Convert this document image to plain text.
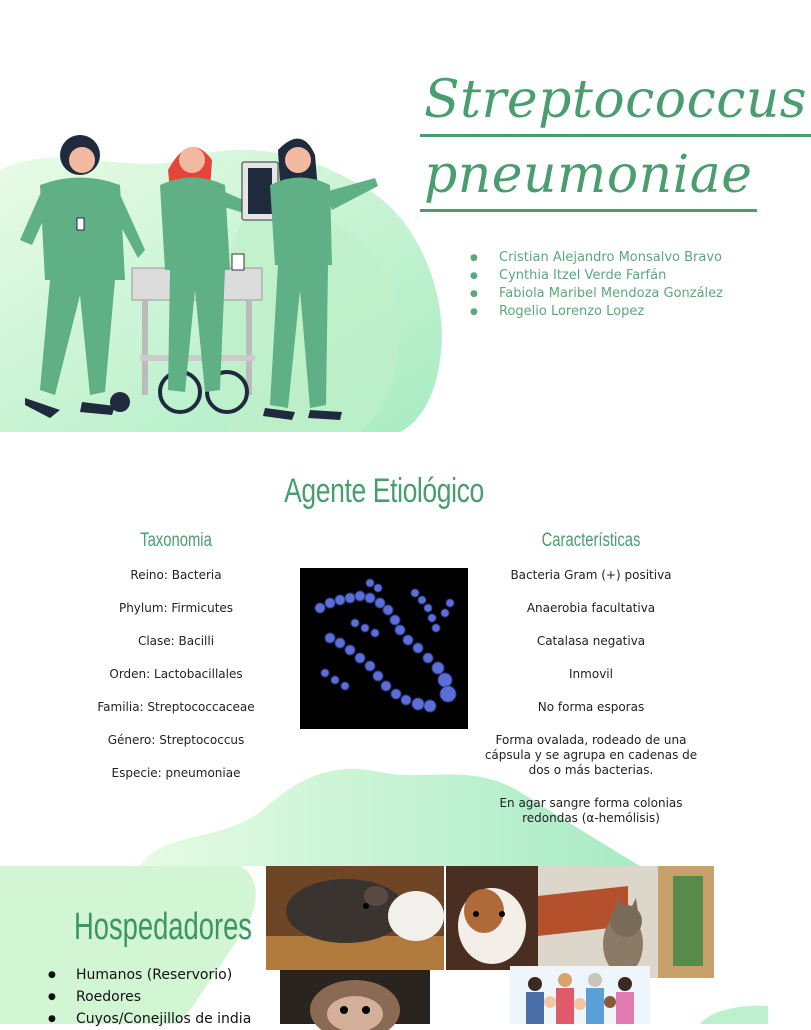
Streptococcus
pneumoniae
● Cristian Alejandro Monsalvo Bravo
● Cynthia Itzel Verde Farfán
● Fabiola Maribel Mendoza González
● Rogelio Lorenzo Lopez
Agente Etiológico
Taxonomia	Características
Reino: Bacteria
Phylum: Firmicutes
Clase: Bacilli
Orden: Lactobacillales
Familia: Streptococcaceae
Género: Streptococcus
Especie: pneumoniae
Bacteria Gram (+) positiva
Anaerobia facultativa
Catalasa negativa
Inmovil
No forma esporas
Forma ovalada, rodeado de una cápsula y se agrupa en cadenas de dos o más bacterias.
En agar sangre forma colonias redondas (α-hemólisis)
Hospedadores
● Humanos (Reservorio)
● Roedores
● Cuyos/Conejillos de india
